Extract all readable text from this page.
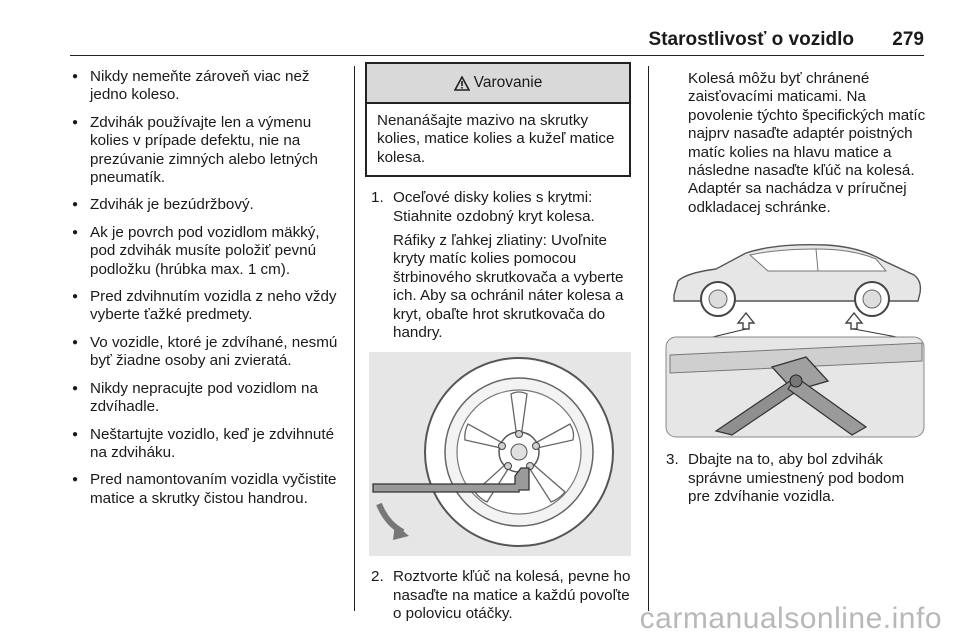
Starostlivosť o vozidlo 279
● Nikdy nemeňte zároveň viac než jedno koleso.
● Zdvihák používajte len a výmenu kolies v prípade defektu, nie na prezúvanie zimných alebo letných pneumatík.
● Zdvihák je bezúdržbový.
● Ak je povrch pod vozidlom mäkký, pod zdvihák musíte položiť pevnú podložku (hrúbka max. 1 cm).
● Pred zdvihnutím vozidla z neho vždy vyberte ťažké predmety.
● Vo vozidle, ktoré je zdvíhané, nesmú byť žiadne osoby ani zvieratá.
● Nikdy nepracujte pod vozidlom na zdvíhadle.
● Neštartujte vozidlo, keď je zdvihnuté na zdviháku.
● Pred namontovaním vozidla vyčistite matice a skrutky čistou handrou.
Varovanie
Nenanášajte mazivo na skrutky kolies, matice kolies a kužeľ matice kolesa.
1. Oceľové disky kolies s krytmi: Stiahnite ozdobný kryt kolesa.
Ráfiky z ľahkej zliatiny: Uvoľnite kryty matíc kolies pomocou štrbinového skrutkovača a vyberte ich. Aby sa ochránil náter kolesa a kryt, obaľte hrot skrutkovača do handry.
2. Roztvorte kľúč na kolesá, pevne ho nasaďte na matice a každú povoľte o polovicu otáčky.
Kolesá môžu byť chránené zaisťovacími maticami. Na povolenie týchto špecifických matíc najprv nasaďte adaptér poistných matíc kolies na hlavu matice a následne nasaďte kľúč na kolesá. Adaptér sa nachádza v príručnej odkladacej schránke.
3. Dbajte na to, aby bol zdvihák správne umiestnený pod bodom pre zdvíhanie vozidla.
carmanualsonline.info
